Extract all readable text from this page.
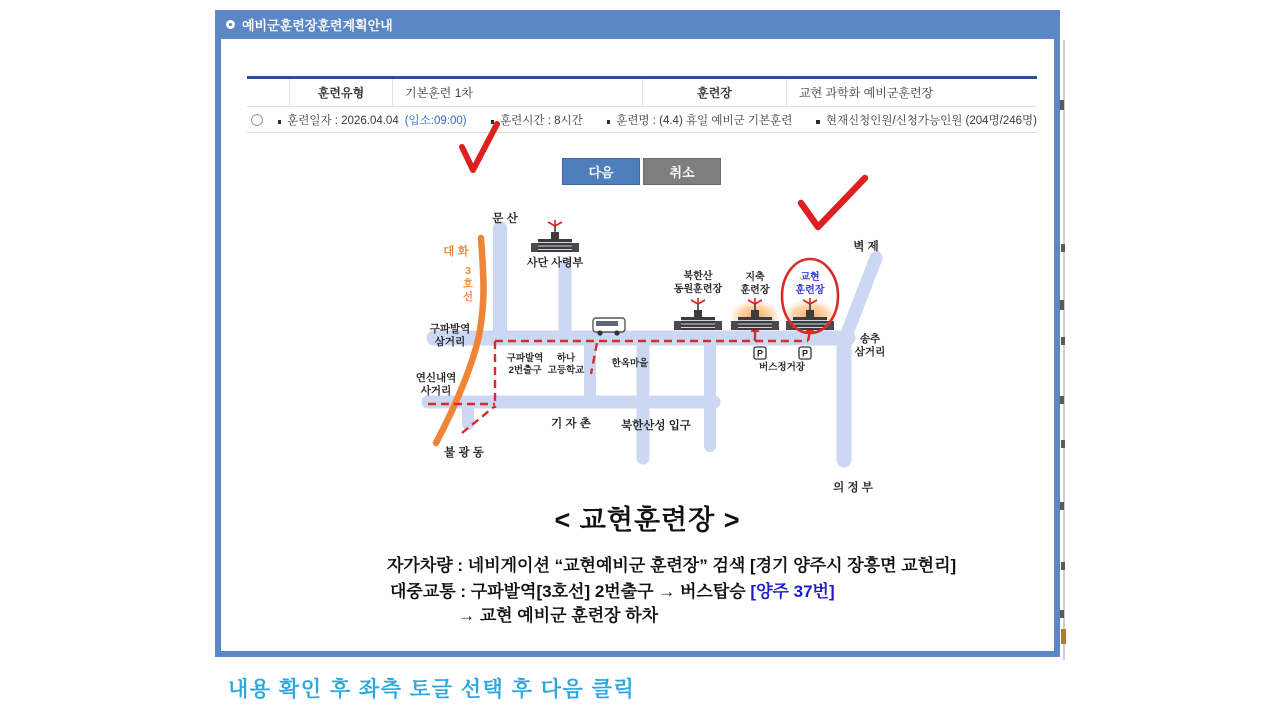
예비군훈련장훈련계획안내
훈련유형	기본훈련 1차	훈련장	교현 과학화 예비군훈련장
훈련일자 : 2026.04.04 (입소:09:00)	훈련시간 : 8시간	훈련명 : (4.4) 휴일 예비군 기본훈련	현재신청인원/신청가능인원 (204명/246명)
다음	취소
P	P
문 산
대 화
3
호
선
사단 사령부
구파발역
삼거리
연신내역
사거리
불 광 동
구파발역
2번출구
하나
고등학교
한옥마을
기 자 촌	북한산성 입구
북한산
동원훈련장
지축
훈련장
교현
훈련장
벽 제
송추
삼거리
버스정거장
의 정 부
< 교현훈련장 >
자가차량 : 네비게이션 “교현예비군 훈련장” 검색 [경기 양주시 장흥면 교현리]
대중교통 : 구파발역[3호선] 2번출구 → 버스탑승 [양주 37번]
→ 교현 예비군 훈련장 하차
내용 확인 후 좌측 토글 선택 후 다음 클릭
